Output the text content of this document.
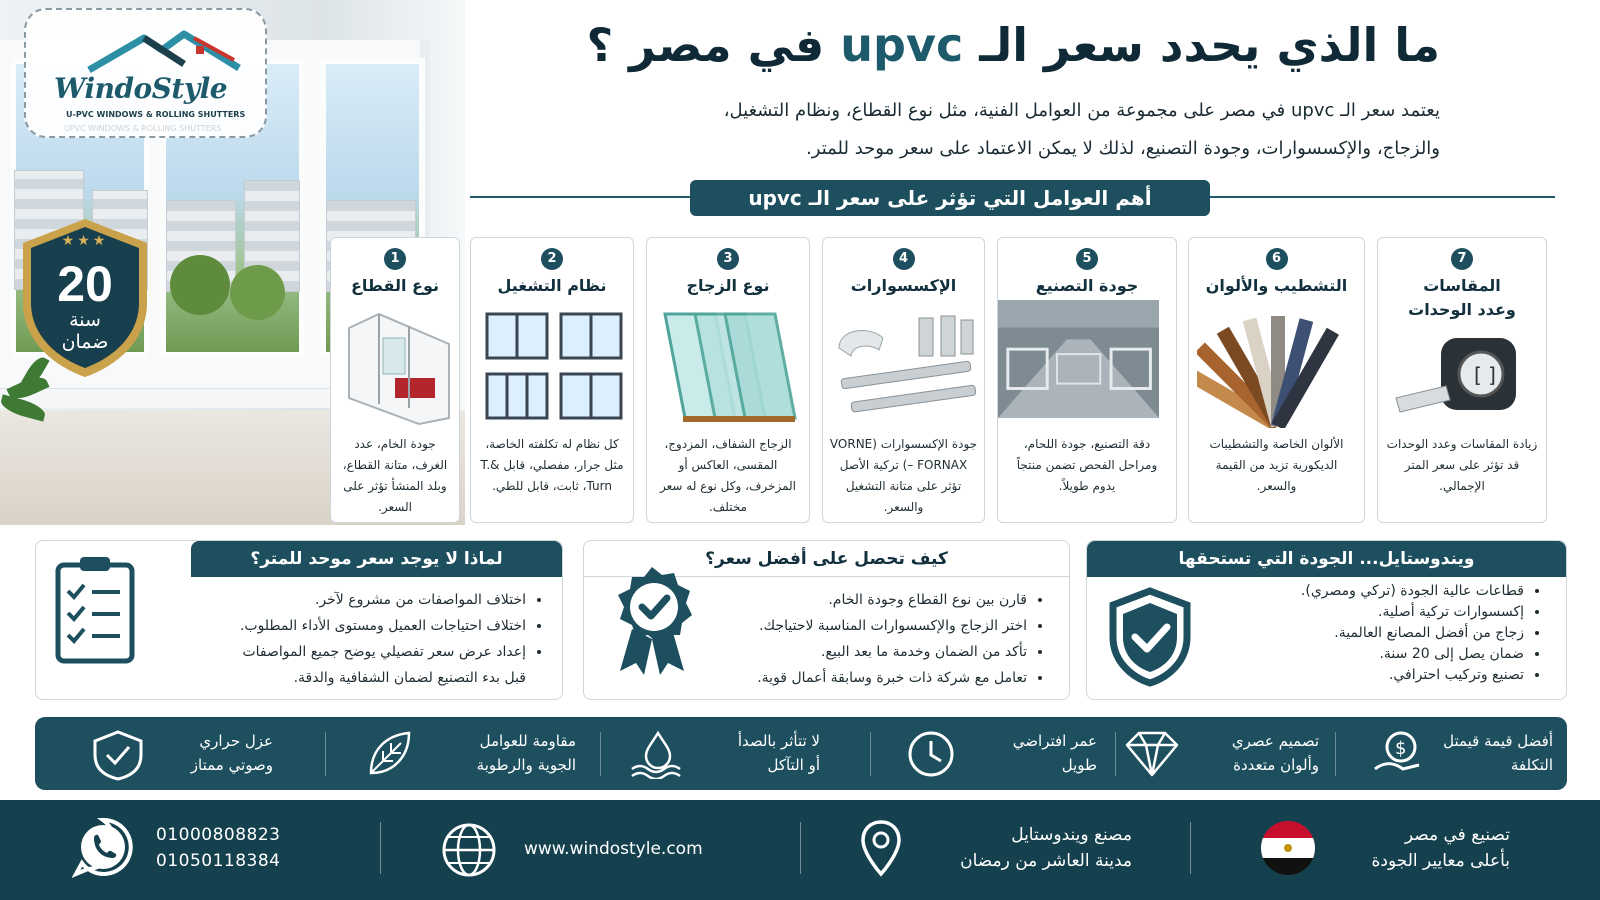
WindoStyle
U-PVC WINDOWS & ROLLING SHUTTERS
UPVC WINDOWS & ROLLING SHUTTERS
★★★
20
سنة
ضمان
ما الذي يحدد سعر الـ upvc في مصر ؟
يعتمد سعر الـ upvc في مصر على مجموعة من العوامل الفنية، مثل نوع القطاع، ونظام التشغيل،
والزجاج، والإكسسوارات، وجودة التصنيع، لذلك لا يمكن الاعتماد على سعر موحد للمتر.
أهم العوامل التي تؤثر على سعر الـ upvc
7
المقاسات وعدد الوحدات
[ ]
زيادة المقاسات وعدد الوحدات قد تؤثر على سعر المتر الإجمالي.
6
التشطيب والألوان
الألوان الخاصة والتشطيبات الديكورية تزيد من القيمة والسعر.
5
جودة التصنيع
دقة التصنيع، جودة اللحام، ومراحل الفحص تضمن منتجاً يدوم طويلاً.
4
الإكسسوارات
جودة الإكسسوارات (VORNE – FORNAX) تركية الأصل تؤثر على متانة التشغيل والسعر.
3
نوع الزجاج
الزجاج الشفاف، المزدوج، المقسى، العاكس أو المزخرف، وكل نوع له سعر مختلف.
2
نظام التشغيل
كل نظام له تكلفته الخاصة، مثل جرار، مفصلي، قابل T.& Turn، ثابت، قابل للطي.
1
نوع القطاع
جودة الخام، عدد الغرف، متانة القطاع، وبلد المنشأ تؤثر على السعر.
لماذا لا يوجد سعر موحد للمتر؟
• اختلاف المواصفات من مشروع لآخر.
• اختلاف احتياجات العميل ومستوى الأداء المطلوب.
• إعداد عرض سعر تفصيلي يوضح جميع المواصفات
قبل بدء التصنيع لضمان الشفافية والدقة.
كيف تحصل على أفضل سعر؟
• قارن بين نوع القطاع وجودة الخام.
• اختر الزجاج والإكسسوارات المناسبة لاحتياجك.
• تأكد من الضمان وخدمة ما بعد البيع.
• تعامل مع شركة ذات خبرة وسابقة أعمال قوية.
ويندوستايل... الجودة التي تستحقها
• قطاعات عالية الجودة (تركي ومصري).
• إكسسوارات تركية أصلية.
• زجاج من أفضل المصانع العالمية.
• ضمان يصل إلى 20 سنة.
• تصنيع وتركيب احترافي.
$	أفضل قيمة قيمتل
التكلفة
تصميم عصري
وألوان متعددة
عمر افتراضي
طويل
لا تتأثر بالصدأ
أو التآكل
مقاومة للعوامل
الجوية والرطوبة
عزل حراري
وصوتي ممتاز
تصنيع في مصر
بأعلى معايير الجودة
مصنع ويندوستايل
مدينة العاشر من رمضان
www.windostyle.com
01000808823
01050118384
